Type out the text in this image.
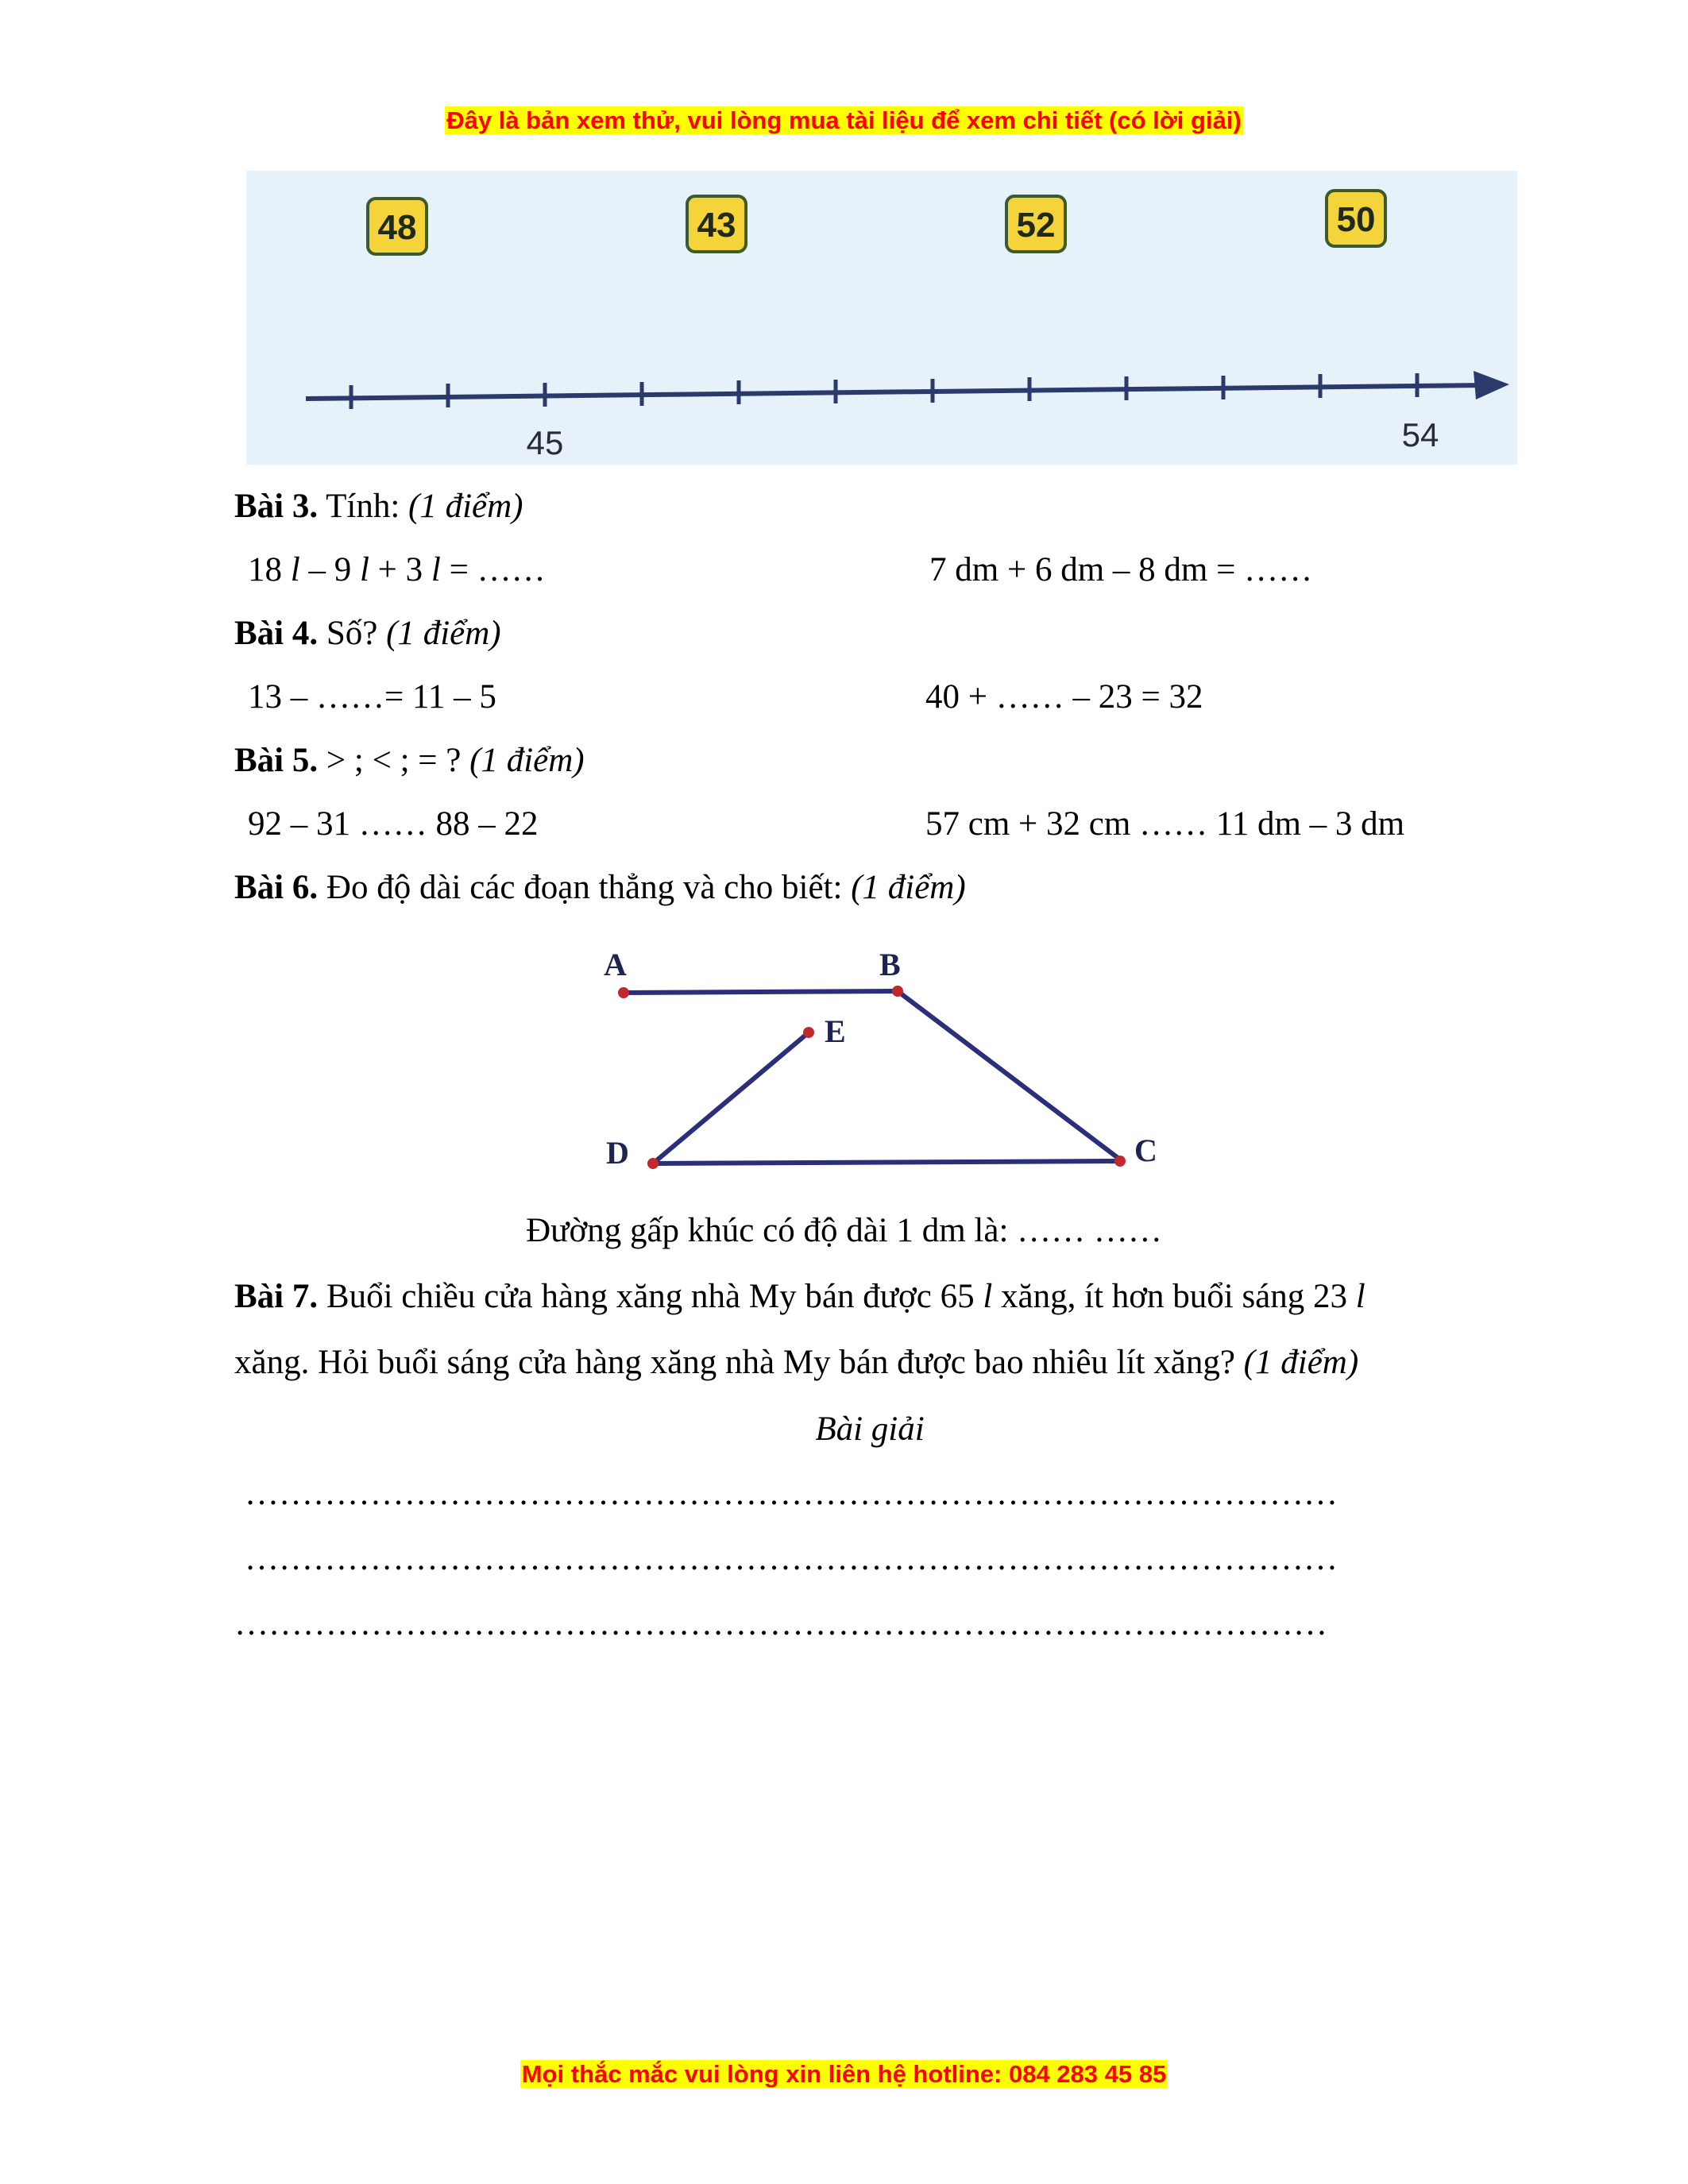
Đây là bản xem thử, vui lòng mua tài liệu để xem chi tiết (có lời giải)
48	43	52	50
45	54
Bài 3. Tính: (1 điểm)
18 l – 9 l + 3 l = ……	7 dm + 6 dm – 8 dm = ……
Bài 4. Số? (1 điểm)
13 – ……= 11 – 5	40 + …… – 23 = 32
Bài 5. > ; < ; = ? (1 điểm)
92 – 31 …… 88 – 22	57 cm + 32 cm …… 11 dm – 3 dm
Bài 6. Đo độ dài các đoạn thẳng và cho biết: (1 điểm)
A	B
E
D	C
Đường gấp khúc có độ dài 1 dm là: …… ……
Bài 7. Buổi chiều cửa hàng xăng nhà My bán được 65 l xăng, ít hơn buổi sáng 23 l
xăng. Hỏi buổi sáng cửa hàng xăng nhà My bán được bao nhiêu lít xăng? (1 điểm)
Bài giải
……………………………………………………………………………………
……………………………………………………………………………………
……………………………………………………………………………………
Mọi thắc mắc vui lòng xin liên hệ hotline: 084 283 45 85
